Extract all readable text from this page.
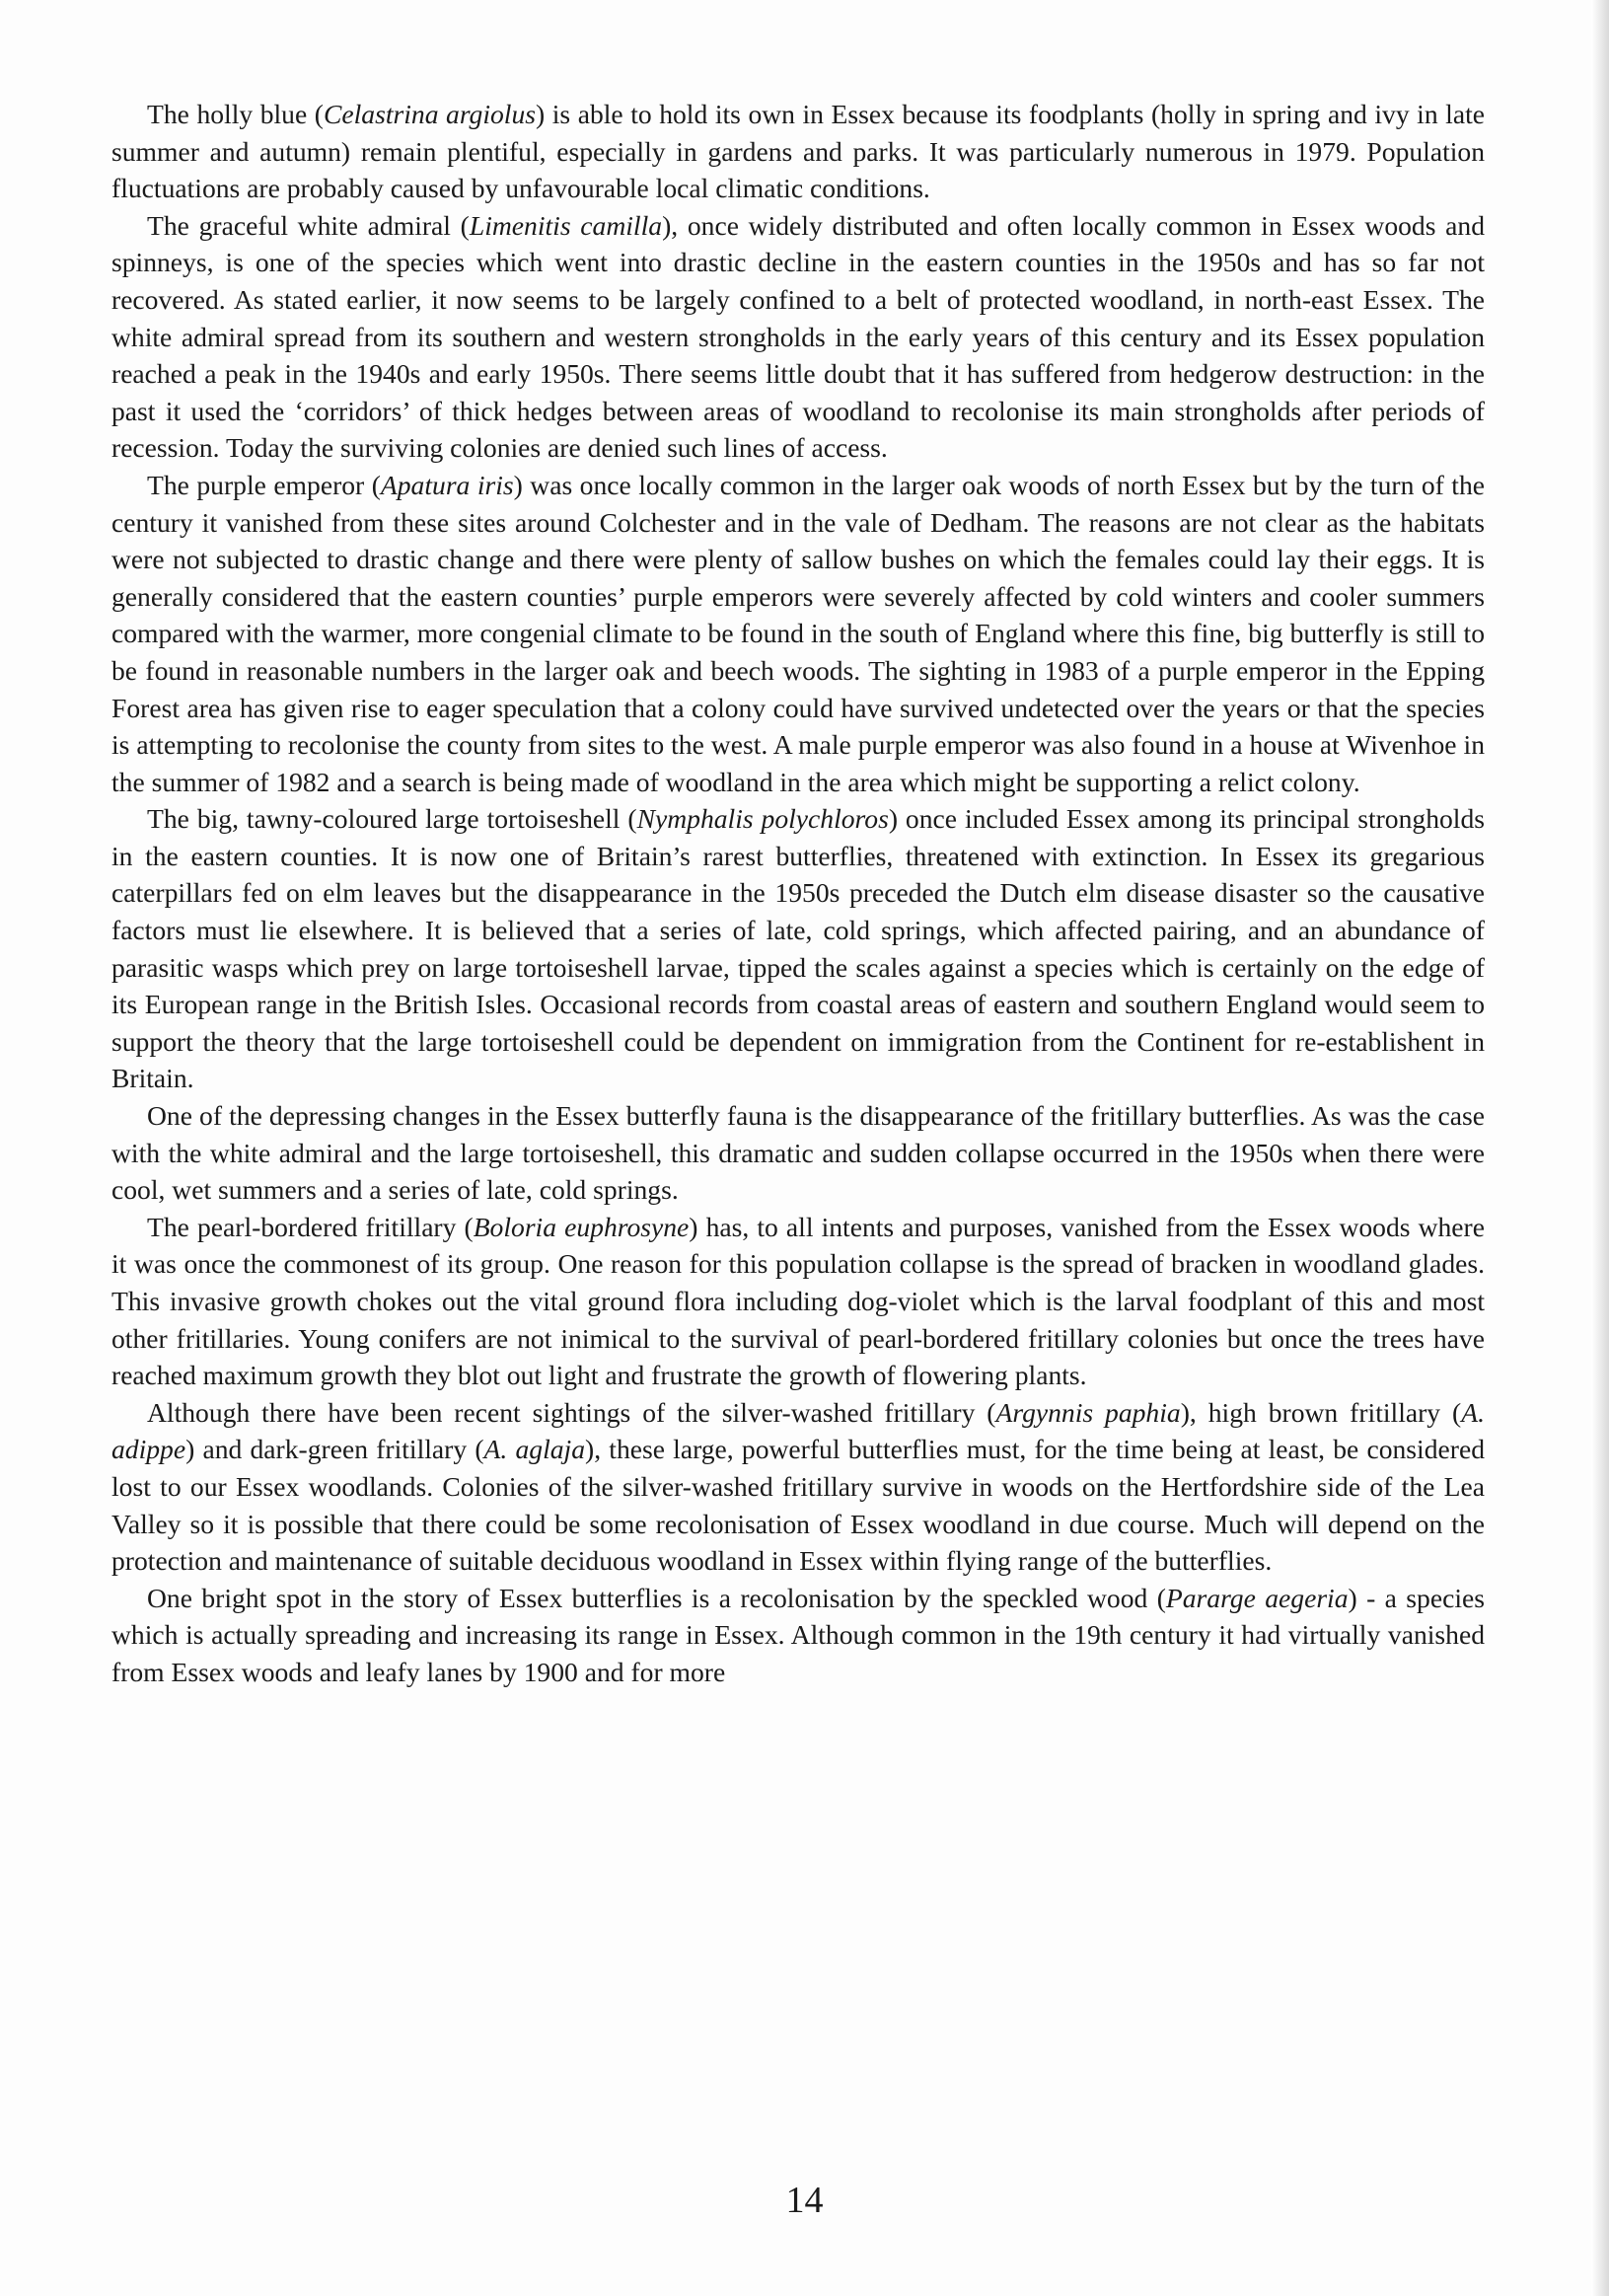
The holly blue (Celastrina argiolus) is able to hold its own in Essex because its foodplants (holly in spring and ivy in late summer and autumn) remain plentiful, especially in gardens and parks. It was particularly numerous in 1979. Population fluctuations are probably caused by unfavourable local climatic conditions.

The graceful white admiral (Limenitis camilla), once widely distributed and often locally common in Essex woods and spinneys, is one of the species which went into drastic decline in the eastern counties in the 1950s and has so far not recovered. As stated earlier, it now seems to be largely confined to a belt of protected woodland, in north-east Essex. The white admiral spread from its southern and western strongholds in the early years of this century and its Essex population reached a peak in the 1940s and early 1950s. There seems little doubt that it has suffered from hedgerow destruction: in the past it used the ‘corridors’ of thick hedges between areas of woodland to recolonise its main strongholds after periods of recession. Today the surviving colonies are denied such lines of access.

The purple emperor (Apatura iris) was once locally common in the larger oak woods of north Essex but by the turn of the century it vanished from these sites around Colchester and in the vale of Dedham. The reasons are not clear as the habitats were not subjected to drastic change and there were plenty of sallow bushes on which the females could lay their eggs. It is generally considered that the eastern counties’ purple emperors were severely affected by cold winters and cooler summers compared with the warmer, more congenial climate to be found in the south of England where this fine, big butterfly is still to be found in reasonable numbers in the larger oak and beech woods. The sighting in 1983 of a purple emperor in the Epping Forest area has given rise to eager speculation that a colony could have survived undetected over the years or that the species is attempting to recolonise the county from sites to the west. A male purple emperor was also found in a house at Wivenhoe in the summer of 1982 and a search is being made of woodland in the area which might be supporting a relict colony.

The big, tawny-coloured large tortoiseshell (Nymphalis polychloros) once included Essex among its principal strongholds in the eastern counties. It is now one of Britain’s rarest butterflies, threatened with extinction. In Essex its gregarious caterpillars fed on elm leaves but the disappearance in the 1950s preceded the Dutch elm disease disaster so the causative factors must lie elsewhere. It is believed that a series of late, cold springs, which affected pairing, and an abundance of parasitic wasps which prey on large tortoiseshell larvae, tipped the scales against a species which is certainly on the edge of its European range in the British Isles. Occasional records from coastal areas of eastern and southern England would seem to support the theory that the large tortoiseshell could be dependent on immigration from the Continent for re-establishent in Britain.

One of the depressing changes in the Essex butterfly fauna is the disappearance of the fritillary butterflies. As was the case with the white admiral and the large tortoiseshell, this dramatic and sudden collapse occurred in the 1950s when there were cool, wet summers and a series of late, cold springs.

The pearl-bordered fritillary (Boloria euphrosyne) has, to all intents and purposes, vanished from the Essex woods where it was once the commonest of its group. One reason for this population collapse is the spread of bracken in woodland glades. This invasive growth chokes out the vital ground flora including dog-violet which is the larval foodplant of this and most other fritillaries. Young conifers are not inimical to the survival of pearl-bordered fritillary colonies but once the trees have reached maximum growth they blot out light and frustrate the growth of flowering plants.

Although there have been recent sightings of the silver-washed fritillary (Argynnis paphia), high brown fritillary (A. adippe) and dark-green fritillary (A. aglaja), these large, powerful butterflies must, for the time being at least, be considered lost to our Essex woodlands. Colonies of the silver-washed fritillary survive in woods on the Hertfordshire side of the Lea Valley so it is possible that there could be some recolonisation of Essex woodland in due course. Much will depend on the protection and maintenance of suitable deciduous woodland in Essex within flying range of the butterflies.

One bright spot in the story of Essex butterflies is a recolonisation by the speckled wood (Pararge aegeria) - a species which is actually spreading and increasing its range in Essex. Although common in the 19th century it had virtually vanished from Essex woods and leafy lanes by 1900 and for more

14
